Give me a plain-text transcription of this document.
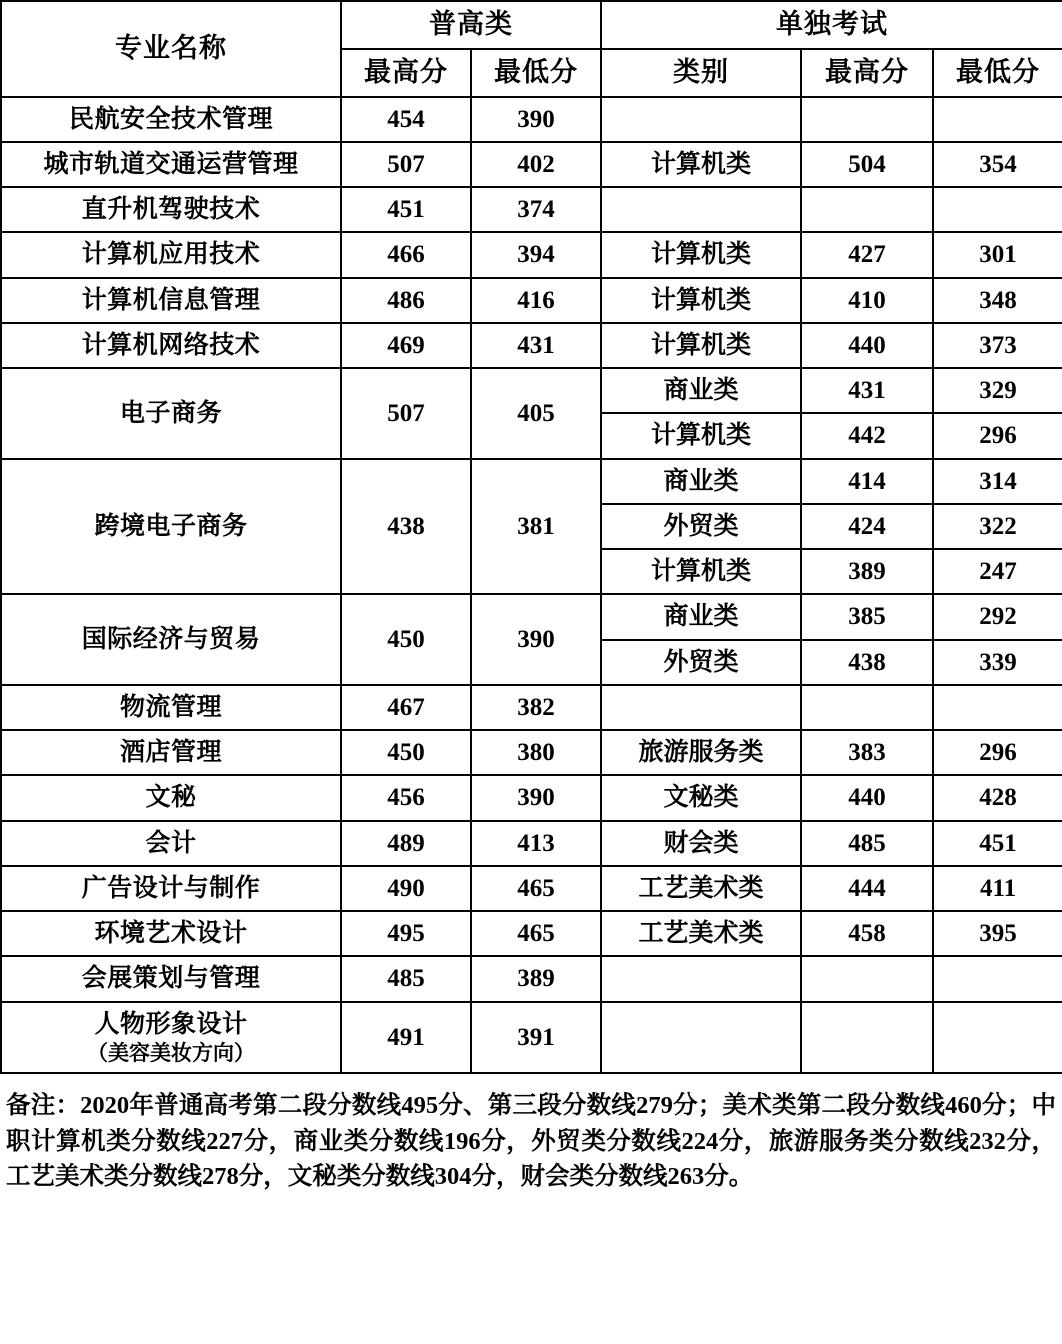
专业名称	普高类		单独考试		
	最高分	最低分	类别	最高分	最低分
民航安全技术管理	454	390			
城市轨道交通运营管理	507	402	计算机类	504	354
直升机驾驶技术	451	374			
计算机应用技术	466	394	计算机类	427	301
计算机信息管理	486	416	计算机类	410	348
计算机网络技术	469	431	计算机类	440	373
电子商务	507	405	商业类	431	329
			计算机类	442	296
跨境电子商务	438	381	商业类	414	314
			外贸类	424	322
			计算机类	389	247
国际经济与贸易	450	390	商业类	385	292
			外贸类	438	339
物流管理	467	382			
酒店管理	450	380	旅游服务类	383	296
文秘	456	390	文秘类	440	428
会计	489	413	财会类	485	451
广告设计与制作	490	465	工艺美术类	444	411
环境艺术设计	495	465	工艺美术类	458	395
会展策划与管理	485	389			
人物形象设计
（美容美妆方向）	491	391			
备注：2020年普通高考第二段分数线495分、第三段分数线279分；美术类第二段分数线460分；中职计算机类分数线227分，商业类分数线196分，外贸类分数线224分，旅游服务类分数线232分，工艺美术类分数线278分，文秘类分数线304分，财会类分数线263分。
